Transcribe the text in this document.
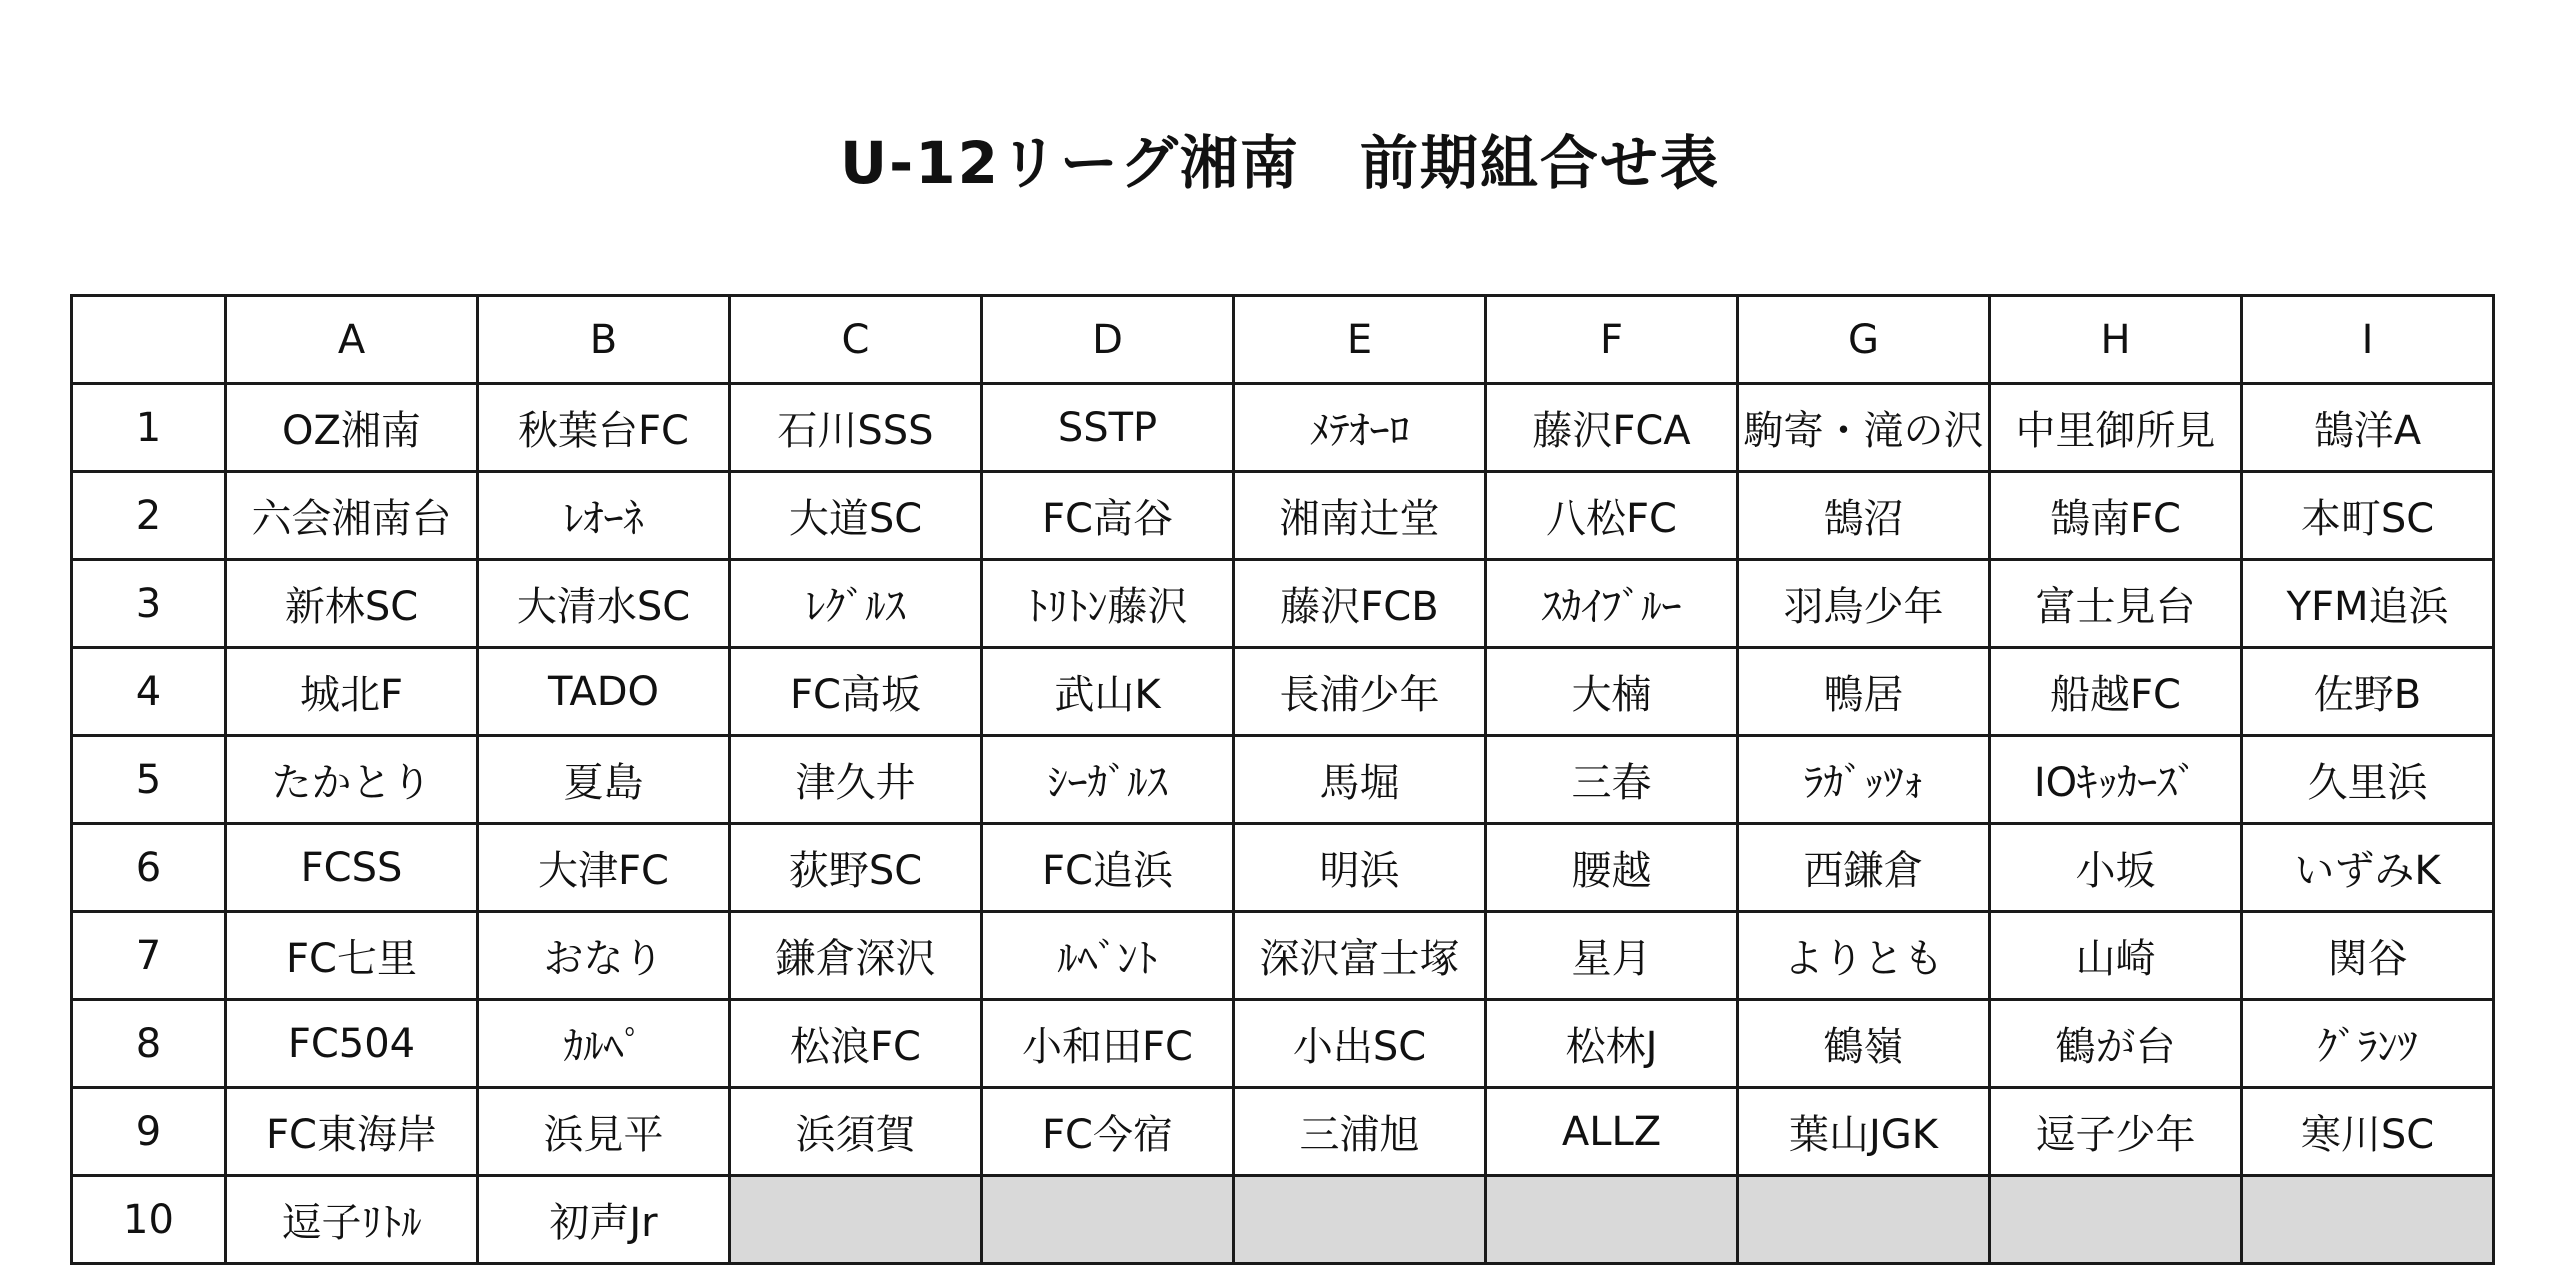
U-12リーグ湘南　前期組合せ表
	A	B	C	D	E	F	G	H	I
1	OZ湘南	秋葉台FC	石川SSS	SSTP	ﾒﾃｵｰﾛ	藤沢FCA	駒寄・滝の沢	中里御所見	鵠洋A
2	六会湘南台	ﾚｵｰﾈ	大道SC	FC高谷	湘南辻堂	八松FC	鵠沼	鵠南FC	本町SC
3	新林SC	大清水SC	ﾚｸﾞﾙｽ	ﾄﾘﾄﾝ藤沢	藤沢FCB	ｽｶｲﾌﾞﾙｰ	羽鳥少年	富士見台	YFM追浜
4	城北F	TADO	FC高坂	武山K	長浦少年	大楠	鴨居	船越FC	佐野B
5	たかとり	夏島	津久井	ｼｰｶﾞﾙｽ	馬堀	三春	ﾗｶﾞｯﾂｫ	IOｷｯｶｰｽﾞ	久里浜
6	FCSS	大津FC	荻野SC	FC追浜	明浜	腰越	西鎌倉	小坂	いずみK
7	FC七里	おなり	鎌倉深沢	ﾙﾍﾞﾝﾄ	深沢富士塚	星月	よりとも	山崎	関谷
8	FC504	ｶﾙﾍﾟ	松浪FC	小和田FC	小出SC	松林J	鶴嶺	鶴が台	ｸﾞﾗﾝﾂ
9	FC東海岸	浜見平	浜須賀	FC今宿	三浦旭	ALLZ	葉山JGK	逗子少年	寒川SC
10	逗子ﾘﾄﾙ	初声Jr							
